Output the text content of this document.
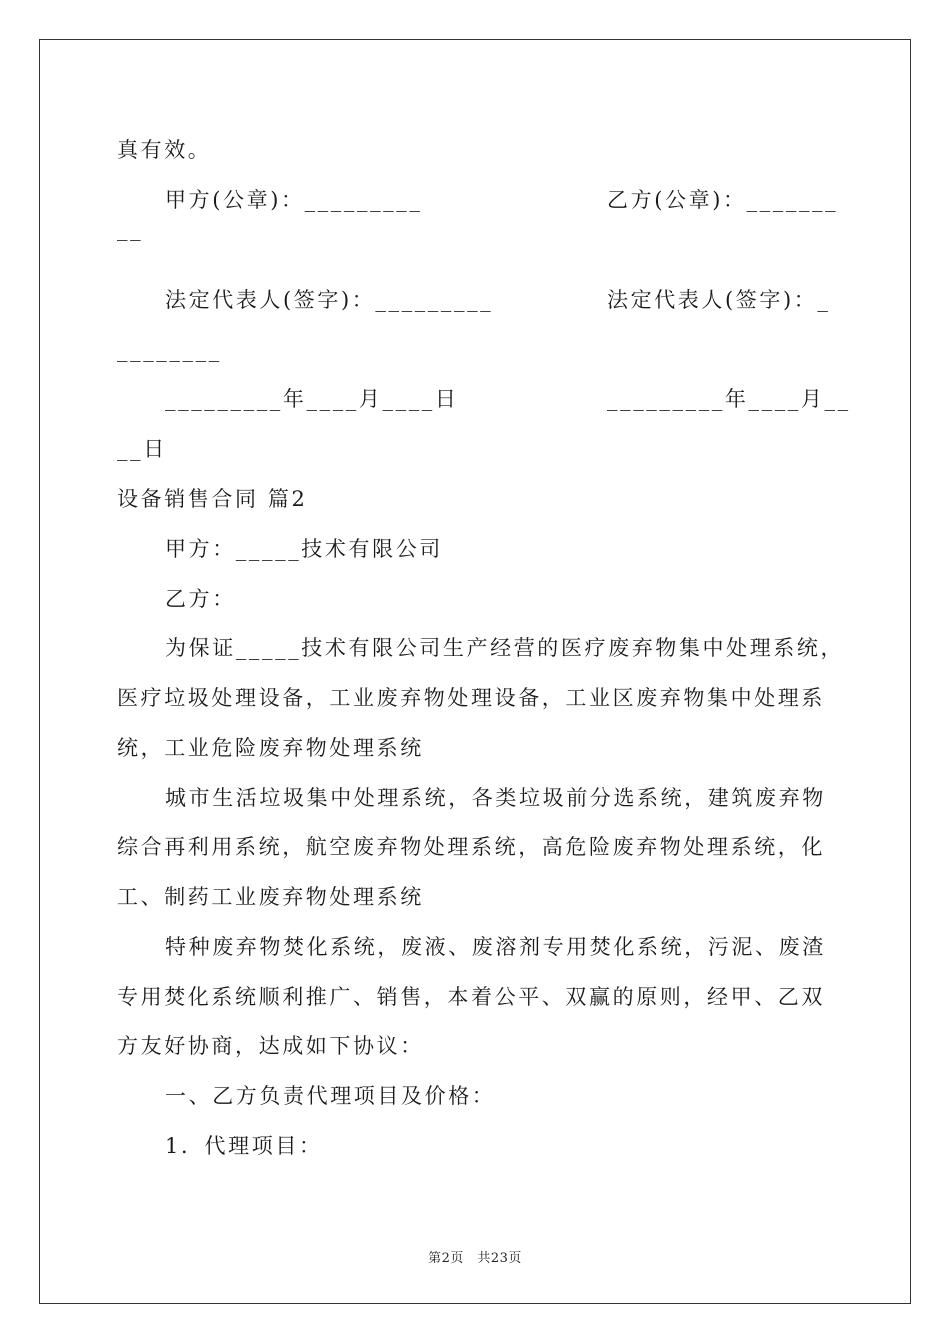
真有效。
甲方(公章)：_________	乙方(公章)：_______
__
法定代表人(签字)：_________	法定代表人(签字)：_
________
_________年____月____日	_________年____月__
__日
设备销售合同 篇2
甲方：_____技术有限公司
乙方：
为保证_____技术有限公司生产经营的医疗废弃物集中处理系统，
医疗垃圾处理设备，工业废弃物处理设备，工业区废弃物集中处理系
统，工业危险废弃物处理系统
城市生活垃圾集中处理系统，各类垃圾前分选系统，建筑废弃物
综合再利用系统，航空废弃物处理系统，高危险废弃物处理系统，化
工、制药工业废弃物处理系统
特种废弃物焚化系统，废液、废溶剂专用焚化系统，污泥、废渣
专用焚化系统顺利推广、销售，本着公平、双赢的原则，经甲、乙双
方友好协商，达成如下协议：
一、乙方负责代理项目及价格：
1．代理项目：
第2页　共23页
